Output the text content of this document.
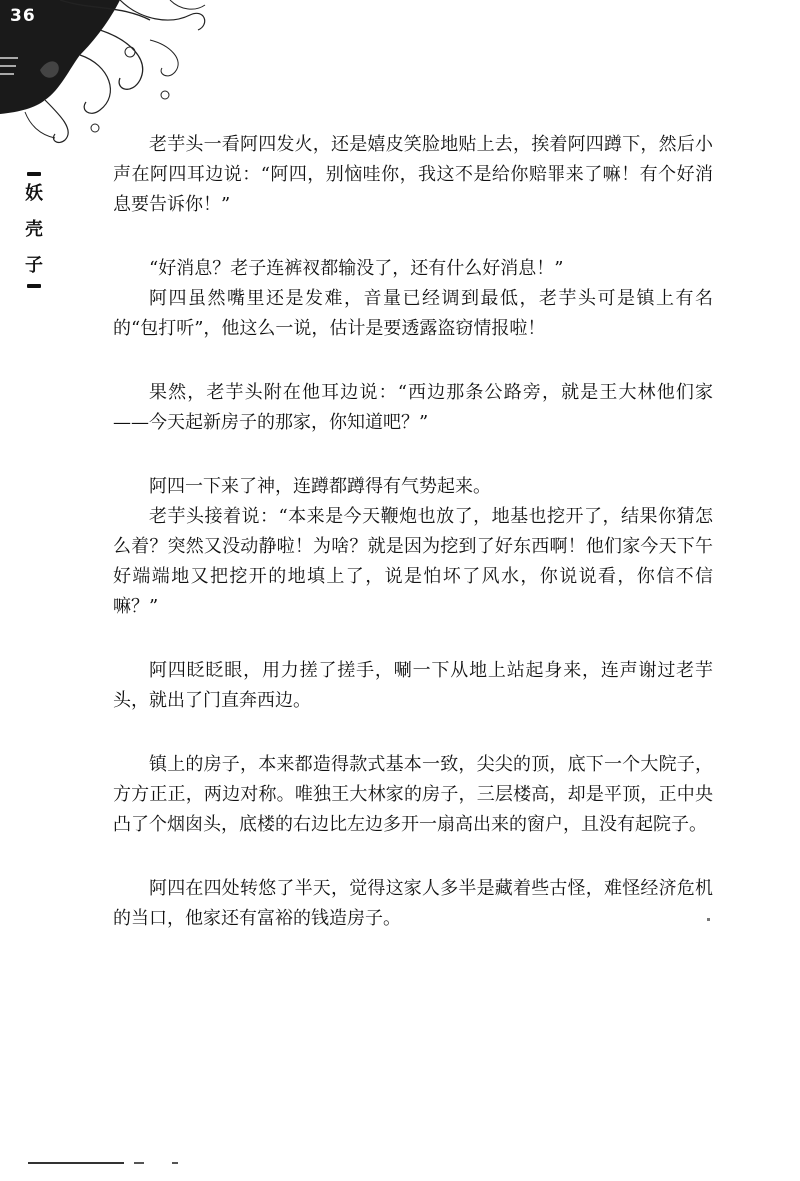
36
妖
壳
子

老芋头一看阿四发火，还是嬉皮笑脸地贴上去，挨着阿四蹲下，然后小声在阿四耳边说：“阿四，别恼哇你，我这不是给你赔罪来了嘛！有个好消息要告诉你！”

“好消息？老子连裤衩都输没了，还有什么好消息！”

阿四虽然嘴里还是发难，音量已经调到最低，老芋头可是镇上有名的“包打听”，他这么一说，估计是要透露盗窃情报啦！

果然，老芋头附在他耳边说：“西边那条公路旁，就是王大林他们家——今天起新房子的那家，你知道吧？”

阿四一下来了神，连蹲都蹲得有气势起来。

老芋头接着说：“本来是今天鞭炮也放了，地基也挖开了，结果你猜怎么着？突然又没动静啦！为啥？就是因为挖到了好东西啊！他们家今天下午好端端地又把挖开的地填上了，说是怕坏了风水，你说说看，你信不信嘛？”

阿四眨眨眼，用力搓了搓手，唰一下从地上站起身来，连声谢过老芋头，就出了门直奔西边。

镇上的房子，本来都造得款式基本一致，尖尖的顶，底下一个大院子，方方正正，两边对称。唯独王大林家的房子，三层楼高，却是平顶，正中央凸了个烟囱头，底楼的右边比左边多开一扇高出来的窗户，且没有起院子。

阿四在四处转悠了半天，觉得这家人多半是藏着些古怪，难怪经济危机的当口，他家还有富裕的钱造房子。
